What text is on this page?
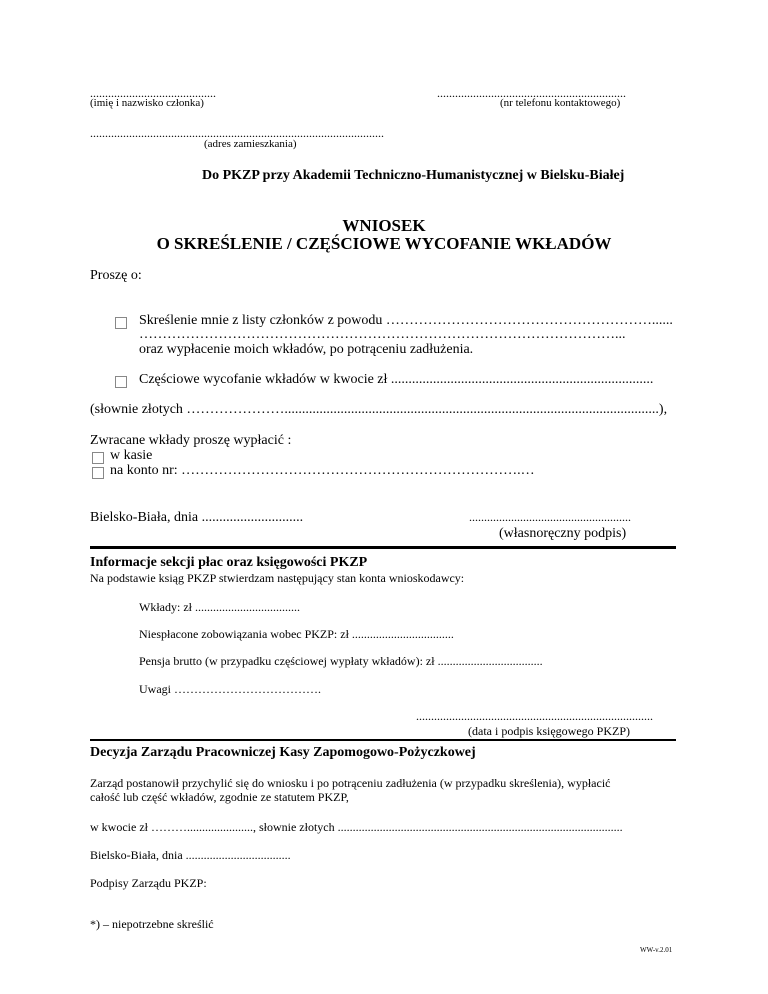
..........................................
(imię i nazwisko członka)
...............................................................
(nr telefonu kontaktowego)
..................................................................................................
(adres zamieszkania)
Do PKZP przy Akademii Techniczno-Humanistycznej w Bielsku-Białej
WNIOSEK
O SKREŚLENIE / CZĘŚCIOWE WYCOFANIE WKŁADÓW
Proszę o:
Skreślenie mnie z listy członków z powodu …………………………………………………......
…………………………………………………………………………………………...
oraz wypłacenie moich wkładów, po potrąceniu zadłużenia.
Częściowe wycofanie wkładów w kwocie zł ...........................................................................
(słownie złotych …………………...........................................................................................................),
Zwracane wkłady proszę wypłacić :
w kasie
na konto nr: ……………………………………………………………….…
Bielsko-Biała, dnia .............................	......................................................
(własnoręczny podpis)
Informacje sekcji płac oraz księgowości PKZP
Na podstawie ksiąg PKZP stwierdzam następujący stan konta wnioskodawcy:
Wkłady: zł ...................................
Niespłacone zobowiązania wobec PKZP: zł ..................................
Pensja brutto (w przypadku częściowej wypłaty wkładów): zł ...................................
Uwagi ……………………………….
...............................................................................
(data i podpis księgowego PKZP)
Decyzja Zarządu Pracowniczej Kasy Zapomogowo-Pożyczkowej
Zarząd postanowił przychylić się do wniosku i po potrąceniu zadłużenia (w przypadku skreślenia), wypłacić
całość lub część wkładów, zgodnie ze statutem PKZP,
w kwocie zł ………......................, słownie złotych ...............................................................................................
Bielsko-Biała, dnia ...................................
Podpisy Zarządu PKZP:
*) – niepotrzebne skreślić
WW-v.2.01
